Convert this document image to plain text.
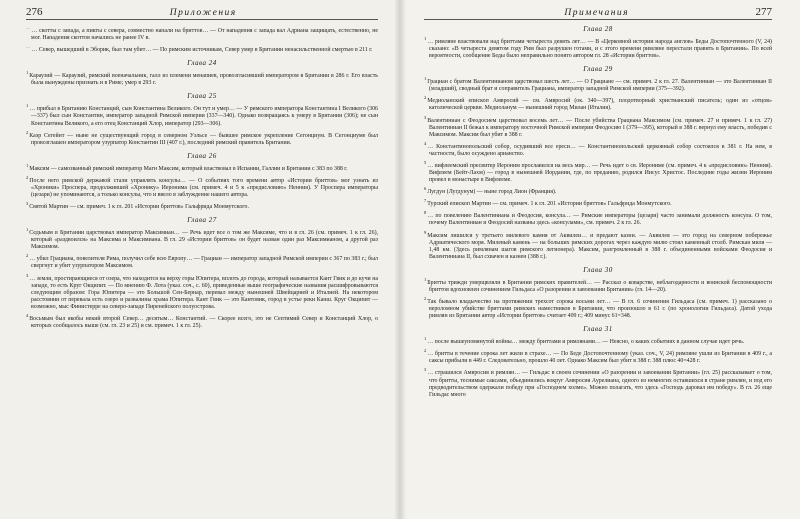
276	Приложения

…… скотты с запада, а пикты с севера, совместно напали на бриттов… — От нападения с запада вал Адриана защищать, естественно, не мог. Нападения скоттов начались не ранее IV в.

…… Север, вышедший в Эборик, был там убит… — По римским источникам, Север умер в Британии ненасильственной смертью в 211 г.

Глава 24

$^1$Караузий — Караузий, римский военачальник, галл из племени менапиев, провозгласивший императором в Британии в 286 г. Его власть была вынуждены признать и в Риме; умер в 293 г.

Глава 25

$^1$… прибыл в Британию Констанций, сын Константина Великого. Он тут и умер… — У римского императора Константина I Великого (306—337) был сын Константин, император западной Римской империи (337—340). Однако возвращаясь к умеру в Британии (306); не сын Константина Великого, а его отец Констанций Хлор, император (293—306).

$^2$Каэр Сегейнт — ныне не существующий город в северном Уэльсе — бывшее римское укрепление Сегонциум. В Сегонциуме был провозглашен императором узурпатор Константин III (407 г.), последний римский правитель Британии.

Глава 26

$^1$Максим — самозванный римский император Магн Максим, который властвовал в Испании, Галлии и Британии с 383 по 388 г.

$^2$После него римской державой стали управлять консулы… — О событиях того времени автор «Истории бриттов» мог узнать из «Хроники» Проспера, продолжившей «Хронику» Иеронима (см. примеч. 4 и 5 к «предисловию» Ненния). У Проспера императоры (цезари) не упоминаются, а только консулы, что и ввело в заблуждение нашего автора.

$^3$Святой Мартин — см. примеч. 1 к гл. 201 «Истории бриттов» Гальфрида Монмутского.

Глава 27

$^1$Седьмым в Британии царствовал император Максимиан… — Речь идет все о том же Максиме, что и в гл. 26 (см. примеч. 1 к гл. 26), который «раздвоился» на Максима и Максимиана. В гл. 29 «Истории бриттов» он будет назван один раз Максимианом, а другой раз Максимом.

$^2$… убил Грациана, повелителя Рима, получил себе всю Европу… — Грациан — император западной Римской империи с 367 по 383 г.; был свергнут и убит узурпатором Максимом.

$^3$… земли, простирающиеся от озера, что находится на верху горы Юпитера, вплоть до города, который называется Кант Гвик и до кучи на западе, то есть Круг Окципит. — По мнению Ф. Лота (указ. соч., с. 60), приведенные выше географические названия расшифровываются следующим образом: Гора Юпитера — это Большой Сен-Бернар, перевал между нынешней Швейцарией и Италией. На некотором расстоянии от перевала есть озеро и развалины храма Юпитера. Кант Гвик — это Кантовик, город в устье реки Канш. Круг Окципит — возможно, мыс Финистерре на северо-западе Пиренейского полуострова.

$^4$Восьмым был якобы некий второй Север… десятым… Константий. — Скорее всего, это не Септимий Север и Констанций Хлор, о которых сообщалось выше (см. гл. 23 и 25) и см. примеч. 1 к гл. 25).

Примечания	277
Глава 28

$^1$… римляне властвовали над бриттами четыреста девять лет… — В «Церковной истории народа англов» Беды Достопочтенного (V, 24) сказано: «В четыреста девятом году Рим был разрушен готами, и с этого времени римляне перестали править в Британии». По всей вероятности, сообщение Беды было неправильно понято автором гл. 28 «Истории бриттов».

Глава 29

$^1$Грациан с братом Валентинианом царствовал шесть лет… — О Грациане — см. примеч. 2 к гл. 27. Валентиниан — это Валентиниан II (младший), сводный брат и соправитель Грациана, император западной Римской империи (375—392).

$^2$Медиоланский епископ Амвросий — см. Амвросий (ок. 340—397), плодотворный христианский писатель; один из «отцов» католической церкви. Медиоланум — нынешний город Милан (Италия).

$^3$Валентиниан с Феодосием царствовал восемь лет… — После убийства Грациана Максимом (см. примеч. 27 и примеч. 1 к гл. 27) Валентиниан II бежал к императору восточной Римской империи Феодосию I (379—395), который в 388 г. вернул ему власть, победив с Максимом. Максим был убит в 388 г.

$^4$… Константинопольский собор, осудивший все ереси… — Константинопольский церковный собор состоялся в 381 г. На нем, в частности, было осуждено арианство.

$^5$… вифлеемский пресвитер Иероним прославился на весь мир… — Речь идет о св. Иерониме (см. примеч. 4 к «предисловию» Ненния). Вифлеем (Бейт-Лахм) — город в нынешней Иордании, где, по преданию, родился Иисус Христос. Последние годы жизни Иероним провел в монастыре в Вифлееме.

$^6$Лугдун (Лугдунум) — ныне город Лион (Франция).

$^7$Турский епископ Мартин — см. примеч. 1 к гл. 201 «Истории бриттов» Гальфрида Монмутского.

$^8$… по повелению Валентиниана и Феодосия, консула… — Римские императоры (цезари) часто занимали должность консула. О том, почему Валентиниан и Феодосий названы здесь «консулами», см. примеч. 2 к гл. 26.

$^9$Максим лишился у третьего милевого камня от Аквилеи… и предают казни. — Аквилея — это город на северном побережье Адриатического моря. Милевый камень — на больших римских дорогах через каждую милю стоял каменный столб. Римская миля — 1,48 км. (Здесь римлянам шагов римского легионера). Максим, разгромленный в 388 г. объединенными войсками Феодосия и Валентиниана II, был схвачен и казнен (388 г.).

Глава 30

$^1$Бритты трижди умерщвляли в Британии римских правителей… — Рассказ о коварстве, неблагодарности и воинской беспомощности бриттов вдохновлен сочинением Гильдаса «О разорении и завоевании Британии» (гл. 14—20).

$^2$Так бывало владычество на протяжении трехсот сорока восьми лет… — В гл. 6 сочинения Гильдаса (см. примеч. 1) рассказано о вероломном убийстве бриттами римских наместников в Британии, что произошло в 61 г. (по хронологии Гильдаса). Датой ухода римлян из Британии автор «Истории бриттов» считает 409 г.; 409 минус 61=348.

Глава 31

$^1$… после вышеупомянутой войны… между бриттами и римлянами… — Неясно, о каких событиях в данном случае идет речь.

$^2$… бритты в течение сорока лет жили в страхе… — По Беде Достопочтенному (указ. соч., V, 24) римляне ушли из Британии в 409 г., а саксы прибыли в 449 г. Следовательно, прошло 40 лет. Однако Максим был убит в 388 г. 388 плюс 40=428 г.

$^3$… страшился Амвросия и римлян… — Гильдас в своем сочинении «О разорении и завоевании Британии» (гл. 25) рассказывает о том, что бритты, теснимые саксами, объединились вокруг Амвросия Аурелиана, одного из немногих оставшихся в стране римлян, и под его предводительством одержали победу при «Господнем холме». Можно полагать, что здесь «Господь даровал им победу». В гл. 26 еще Гильдас много
